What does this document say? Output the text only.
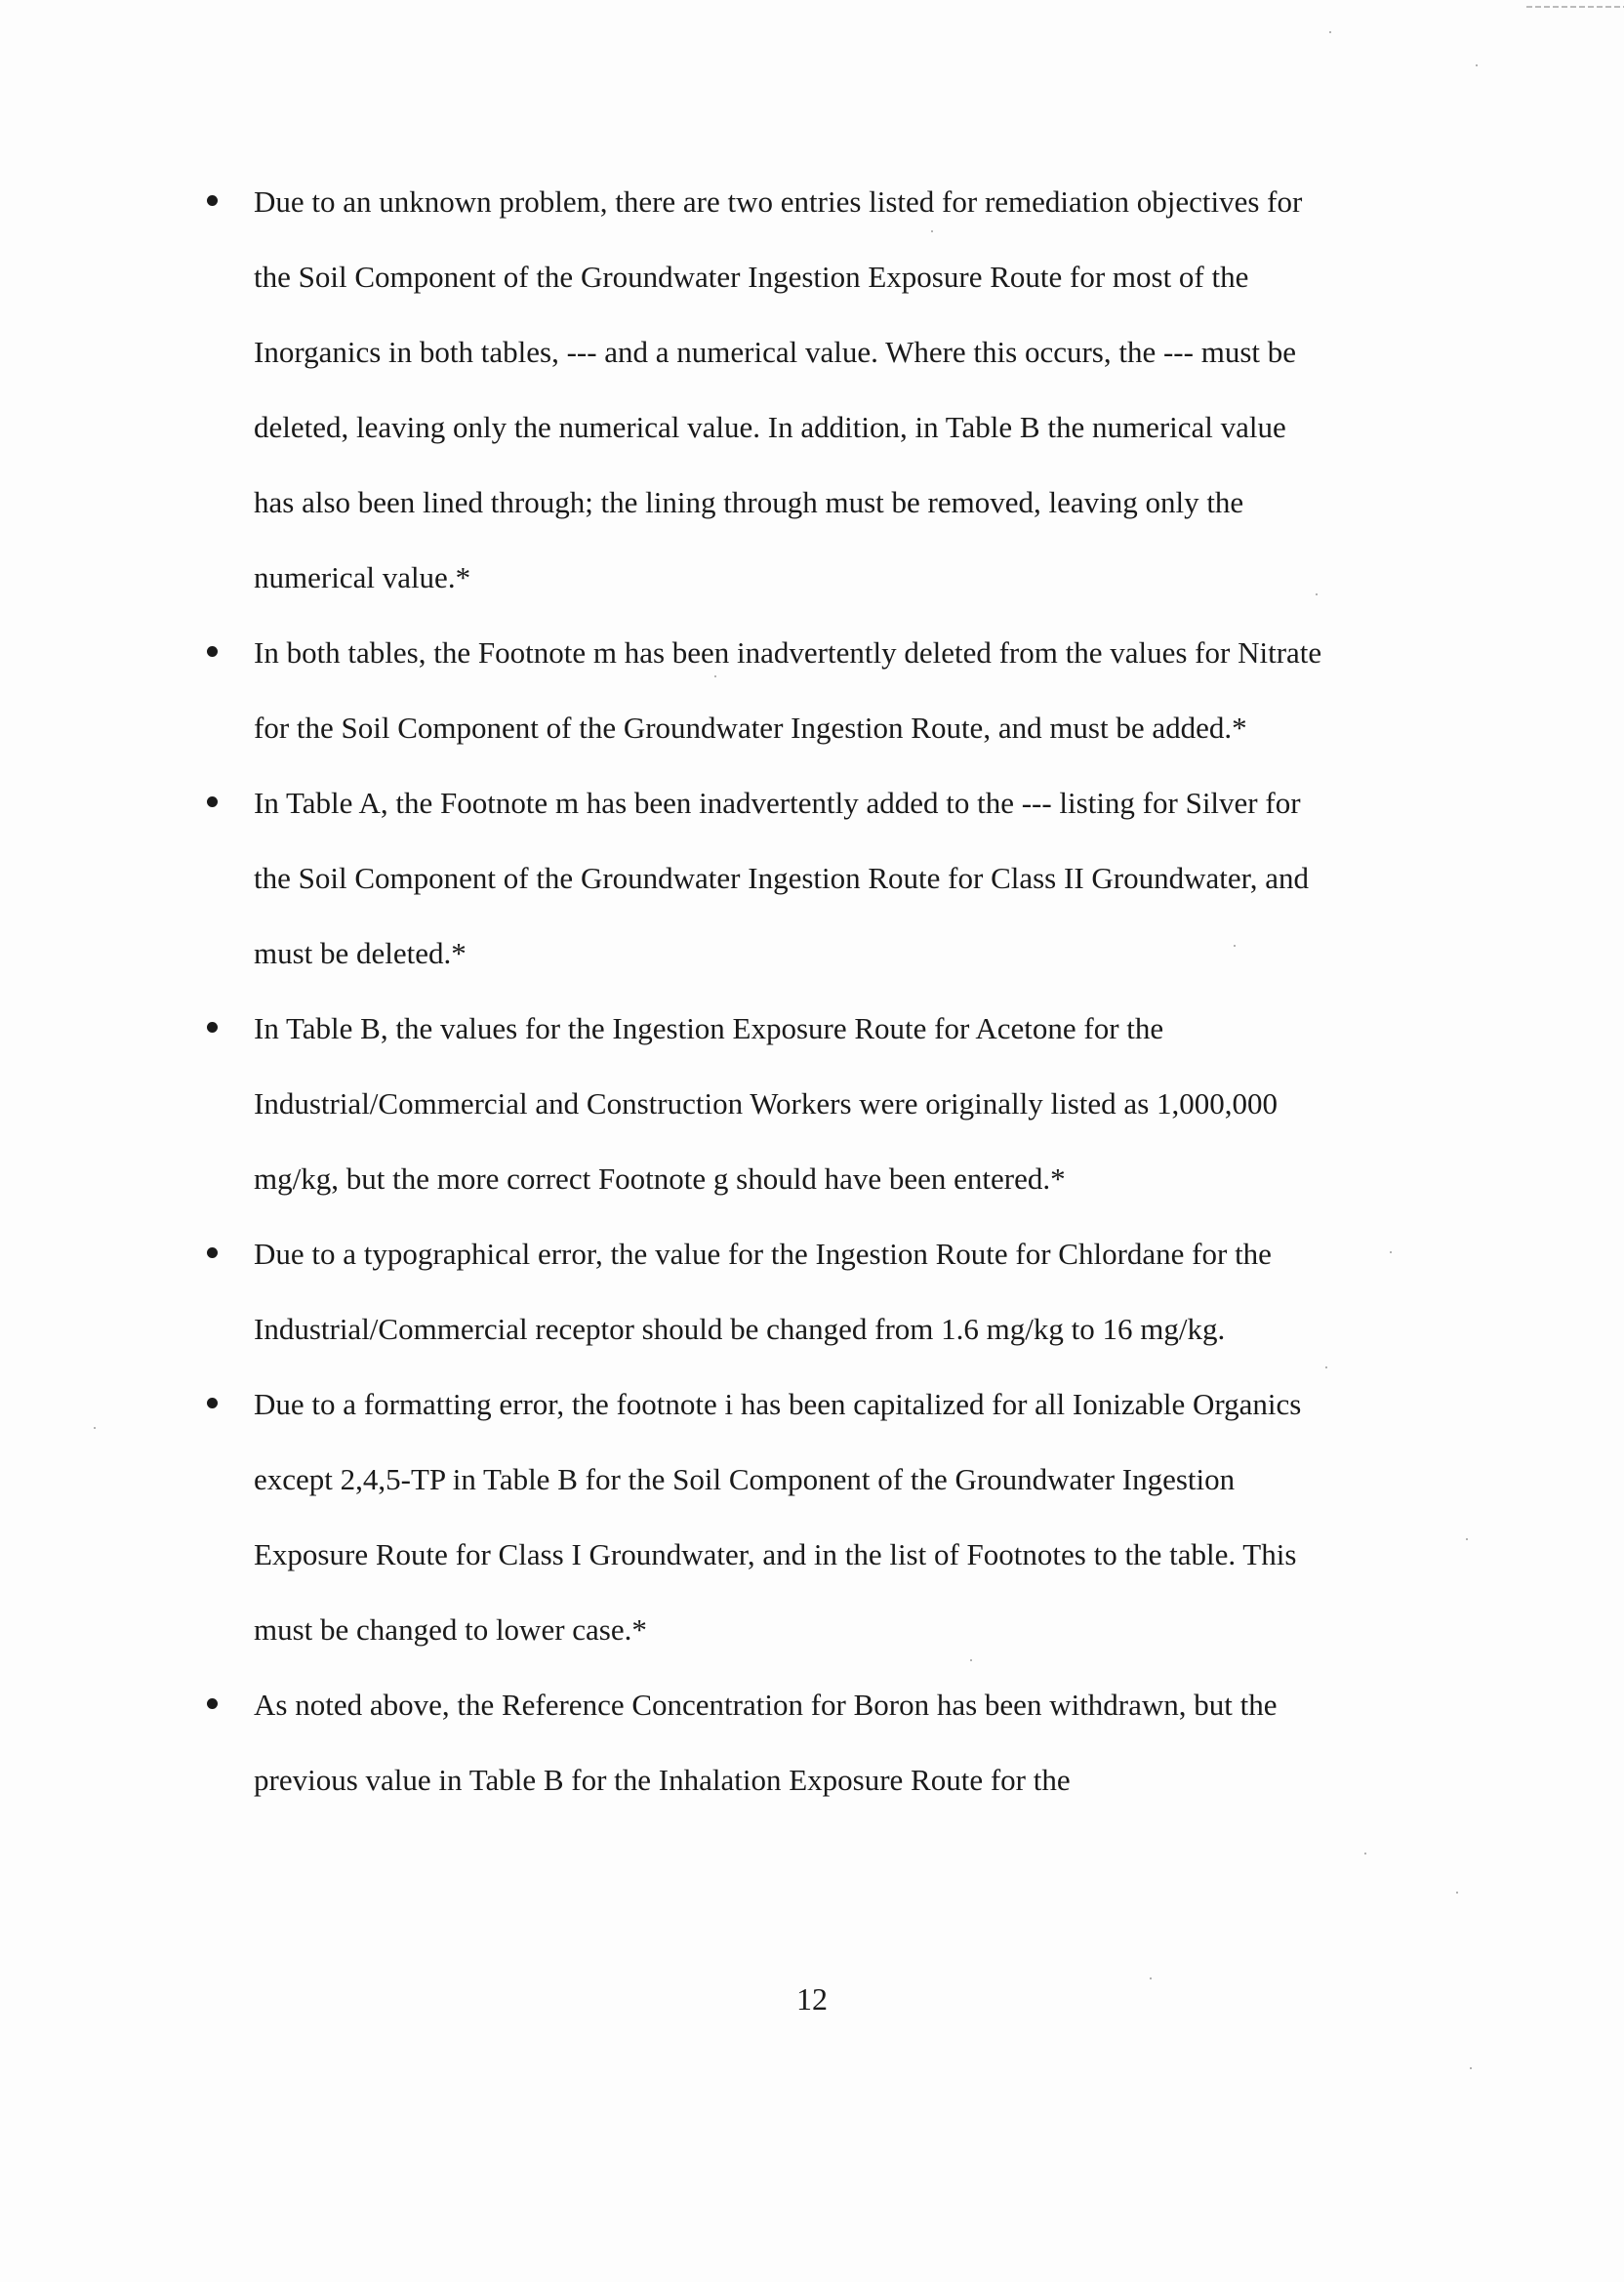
Due to an unknown problem, there are two entries listed for remediation objectives for
the Soil Component of the Groundwater Ingestion Exposure Route for most of the
Inorganics in both tables, --- and a numerical value. Where this occurs, the --- must be
deleted, leaving only the numerical value. In addition, in Table B the numerical value
has also been lined through; the lining through must be removed, leaving only the
numerical value.*
In both tables, the Footnote m has been inadvertently deleted from the values for Nitrate
for the Soil Component of the Groundwater Ingestion Route, and must be added.*
In Table A, the Footnote m has been inadvertently added to the --- listing for Silver for
the Soil Component of the Groundwater Ingestion Route for Class II Groundwater, and
must be deleted.*
In Table B, the values for the Ingestion Exposure Route for Acetone for the
Industrial/Commercial and Construction Workers were originally listed as 1,000,000
mg/kg, but the more correct Footnote g should have been entered.*
Due to a typographical error, the value for the Ingestion Route for Chlordane for the
Industrial/Commercial receptor should be changed from 1.6 mg/kg to 16 mg/kg.
Due to a formatting error, the footnote i has been capitalized for all Ionizable Organics
except 2,4,5-TP in Table B for the Soil Component of the Groundwater Ingestion
Exposure Route for Class I Groundwater, and in the list of Footnotes to the table. This
must be changed to lower case.*
As noted above, the Reference Concentration for Boron has been withdrawn, but the
previous value in Table B for the Inhalation Exposure Route for the
12
